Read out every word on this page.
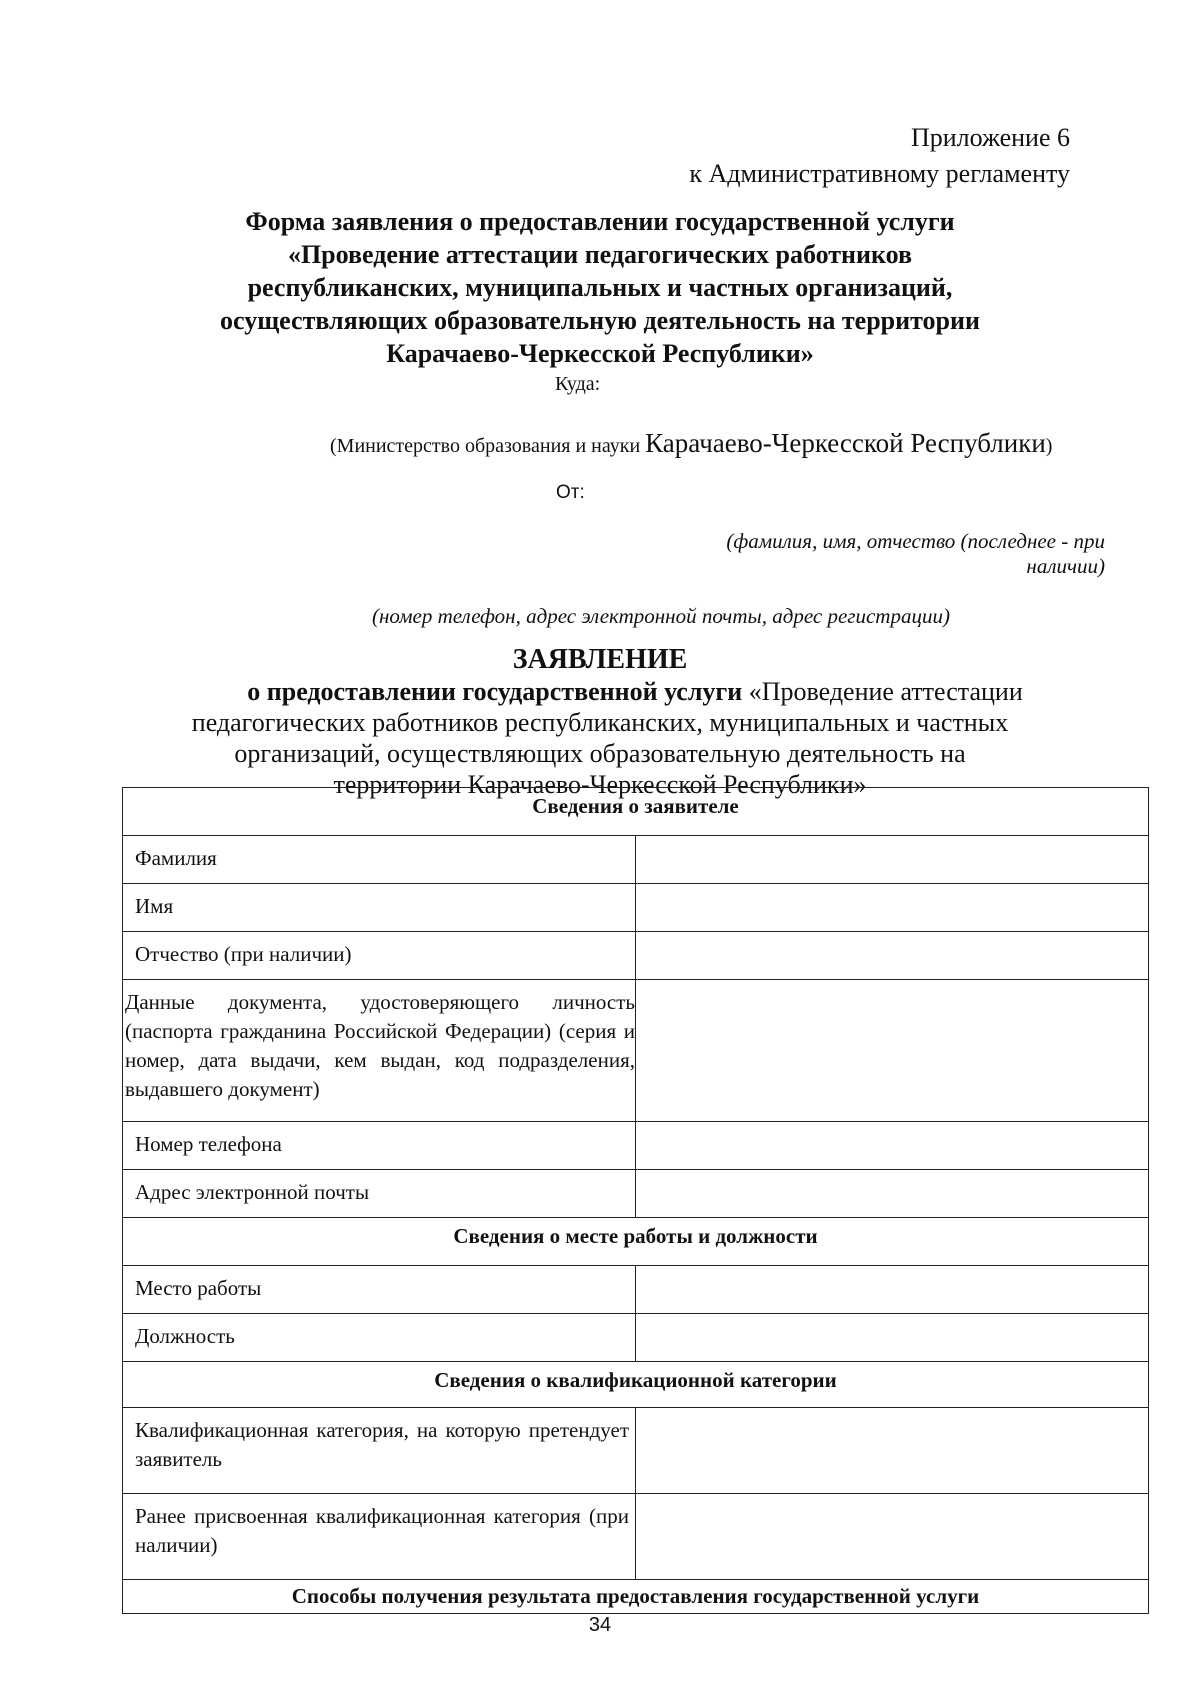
Приложение 6
к Административному регламенту
Форма заявления о предоставлении государственной услуги
«Проведение аттестации педагогических работников
республиканских, муниципальных и частных организаций,
осуществляющих образовательную деятельность на территории
Карачаево-Черкесской Республики»
Куда:
(Министерство образования и науки Карачаево-Черкесской Республики)
От:
(фамилия, имя, отчество (последнее - при
наличии)
(номер телефон, адрес электронной почты, адрес регистрации)
ЗАЯВЛЕНИЕ
о предоставлении государственной услуги «Проведение аттестации
педагогических работников республиканских, муниципальных и частных
организаций, осуществляющих образовательную деятельность на
территории Карачаево-Черкесской Республики»
Сведения о заявителе	
Фамилия	
Имя	
Отчество (при наличии)	
Данные документа, удостоверяющего личность (паспорта гражданина Российской Федерации) (серия и номер, дата выдачи, кем выдан, код подразделения, выдавшего документ)	
Номер телефона	
Адрес электронной почты	
Сведения о месте работы и должности	
Место работы	
Должность	
Сведения о квалификационной категории	
Квалификационная категория, на которую претендует заявитель	
Ранее присвоенная квалификационная категория (при наличии)	
Способы получения результата предоставления государственной услуги	
34
